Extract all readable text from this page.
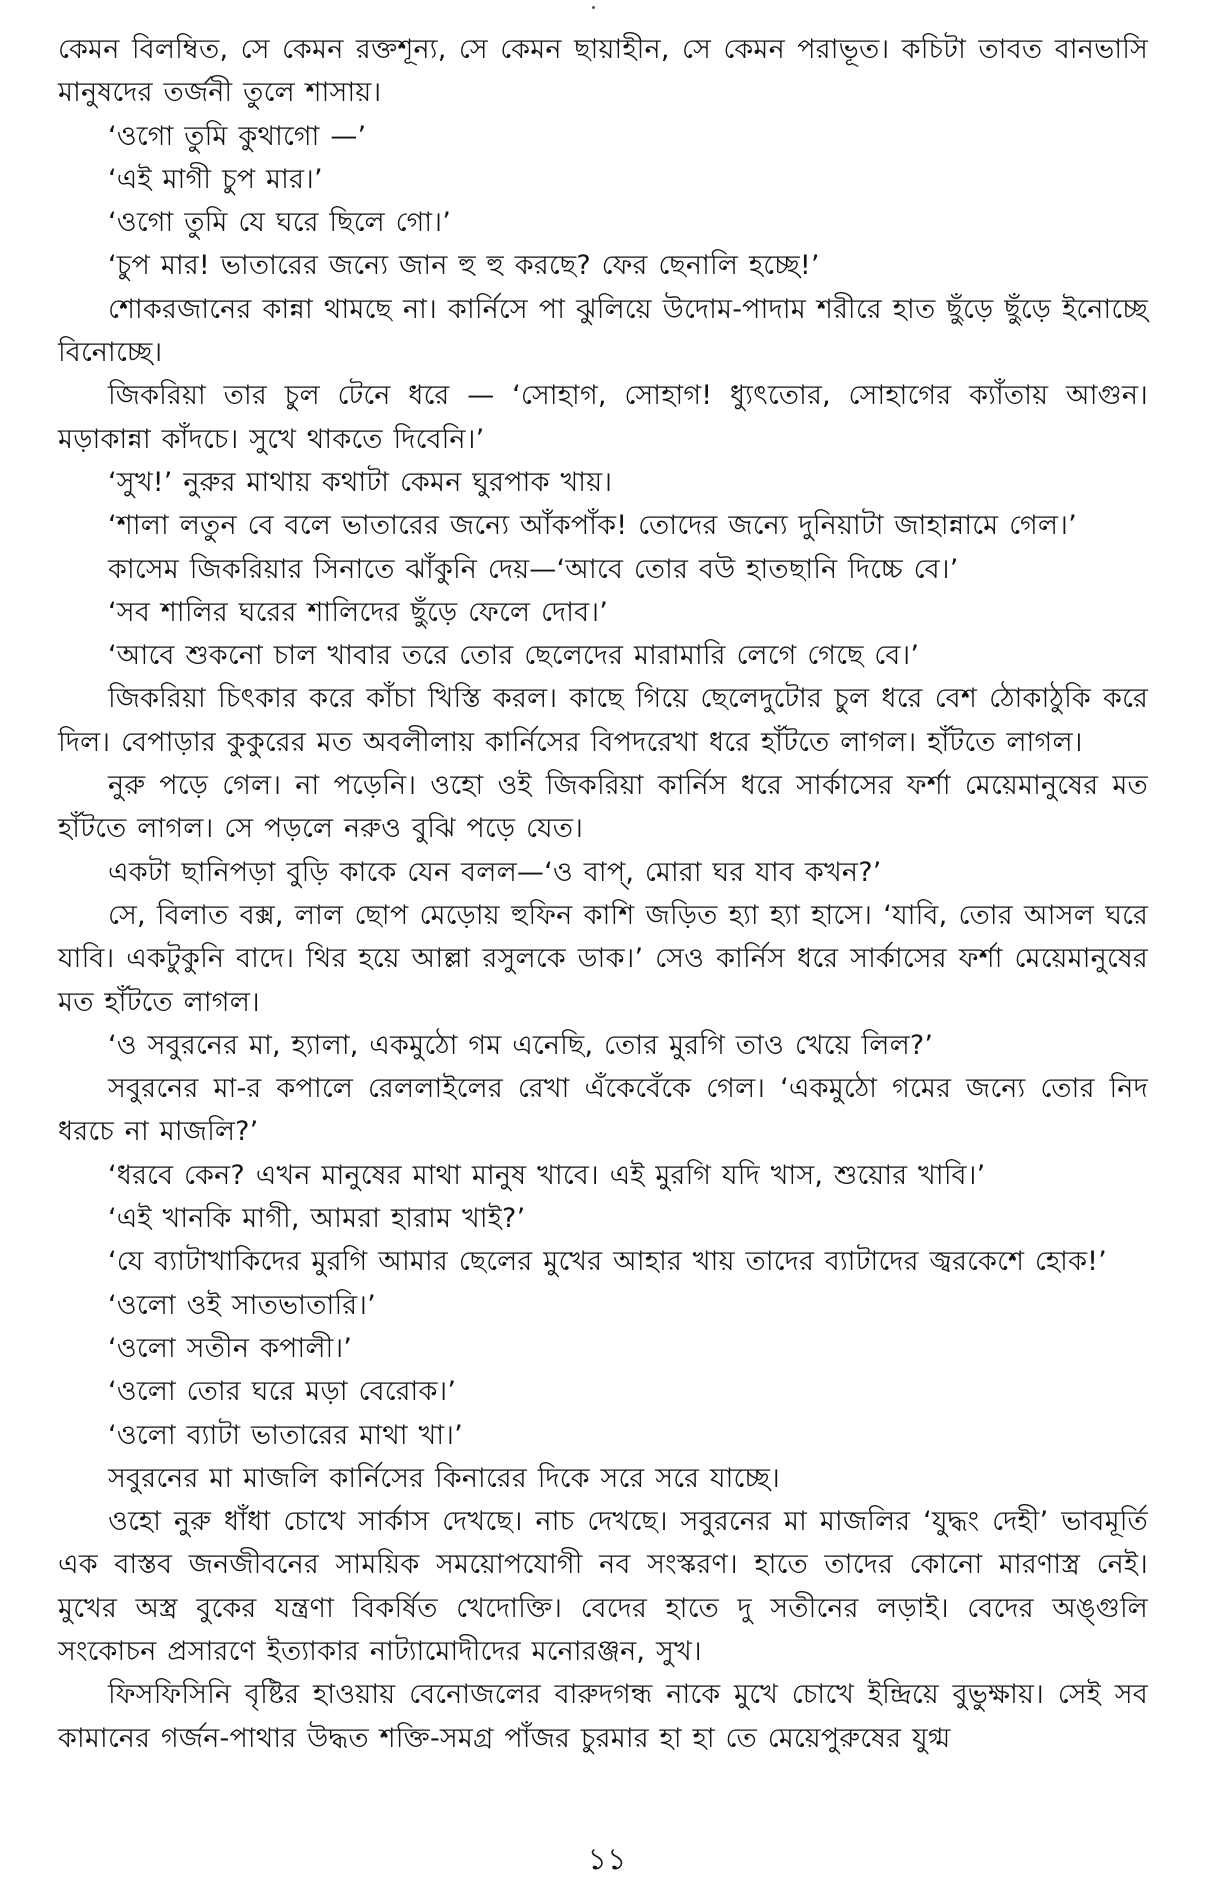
কেমন বিলম্বিত, সে কেমন রক্তশূন্য, সে কেমন ছায়াহীন, সে কেমন পরাভূত। কচিটা তাবত বানভাসি মানুষদের তর্জনী তুলে শাসায়।

‘ওগো তুমি কুথাগো —’

‘এই মাগী চুপ মার।’

‘ওগো তুমি যে ঘরে ছিলে গো।’

‘চুপ মার! ভাতারের জন্যে জান হু হু করছে? ফের ছেনালি হচ্ছে!’

শোকরজানের কান্না থামছে না। কার্নিসে পা ঝুলিয়ে উদোম-পাদাম শরীরে হাত ছুঁড়ে ছুঁড়ে ইনোচ্ছে বিনোচ্ছে।

জিকরিয়া তার চুল টেনে ধরে — ‘সোহাগ, সোহাগ! ধ্যুৎতোর, সোহাগের ক্যাঁতায় আগুন। মড়াকান্না কাঁদচে। সুখে থাকতে দিবেনি।’

‘সুখ!’ নুরুর মাথায় কথাটা কেমন ঘুরপাক খায়।

‘শালা লতুন বে বলে ভাতারের জন্যে আঁকপাঁক! তোদের জন্যে দুনিয়াটা জাহান্নামে গেল।’

কাসেম জিকরিয়ার সিনাতে ঝাঁকুনি দেয়—‘আবে তোর বউ হাতছানি দিচ্চে বে।’

‘সব শালির ঘরের শালিদের ছুঁড়ে ফেলে দোব।’

‘আবে শুকনো চাল খাবার তরে তোর ছেলেদের মারামারি লেগে গেছে বে।’

জিকরিয়া চিৎকার করে কাঁচা খিস্তি করল। কাছে গিয়ে ছেলেদুটোর চুল ধরে বেশ ঠোকাঠুকি করে দিল। বেপাড়ার কুকুরের মত অবলীলায় কার্নিসের বিপদরেখা ধরে হাঁটতে লাগল। হাঁটতে লাগল।

নুরু পড়ে গেল। না পড়েনি। ওহো ওই জিকরিয়া কার্নিস ধরে সার্কাসের ফর্শা মেয়েমানুষের মত হাঁটতে লাগল। সে পড়লে নরুও বুঝি পড়ে যেত।

একটা ছানিপড়া বুড়ি কাকে যেন বলল—‘ও বাপ্, মোরা ঘর যাব কখন?’

সে, বিলাত বক্স, লাল ছোপ মেড়োয় হুফিন কাশি জড়িত হ্যা হ্যা হাসে। ‘যাবি, তোর আসল ঘরে যাবি। একটুকুনি বাদে। থির হয়ে আল্লা রসুলকে ডাক।’ সেও কার্নিস ধরে সার্কাসের ফর্শা মেয়েমানুষের মত হাঁটতে লাগল।

‘ও সবুরনের মা, হ্যালা, একমুঠো গম এনেছি, তোর মুরগি তাও খেয়ে লিল?’

সবুরনের মা-র কপালে রেললাইলের রেখা এঁকেবেঁকে গেল। ‘একমুঠো গমের জন্যে তোর নিদ ধরচে না মাজলি?’

‘ধরবে কেন? এখন মানুষের মাথা মানুষ খাবে। এই মুরগি যদি খাস, শুয়োর খাবি।’

‘এই খানকি মাগী, আমরা হারাম খাই?’

‘যে ব্যাটাখাকিদের মুরগি আমার ছেলের মুখের আহার খায় তাদের ব্যাটাদের জ্বরকেশে হোক!’

‘ওলো ওই সাতভাতারি।’

‘ওলো সতীন কপালী।’

‘ওলো তোর ঘরে মড়া বেরোক।’

‘ওলো ব্যাটা ভাতারের মাথা খা।’

সবুরনের মা মাজলি কার্নিসের কিনারের দিকে সরে সরে যাচ্ছে।

ওহো নুরু ধাঁধা চোখে সার্কাস দেখছে। নাচ দেখছে। সবুরনের মা মাজলির ‘যুদ্ধং দেহী’ ভাবমূর্তি এক বাস্তব জনজীবনের সাময়িক সময়োপযোগী নব সংস্করণ। হাতে তাদের কোনো মারণাস্ত্র নেই। মুখের অস্ত্র বুকের যন্ত্রণা বিকর্ষিত খেদোক্তি। বেদের হাতে দু সতীনের লড়াই। বেদের অঙ্গুলি সংকোচন প্রসারণে ইত্যাকার নাট্যামোদীদের মনোরঞ্জন, সুখ।

ফিসফিসিনি বৃষ্টির হাওয়ায় বেনোজলের বারুদগন্ধ নাকে মুখে চোখে ইন্দ্রিয়ে বুভুক্ষায়। সেই সব কামানের গর্জন-পাথার উদ্ধত শক্তি-সমগ্র পাঁজর চুরমার হা হা তে মেয়েপুরুষের যুগ্ম

১১
